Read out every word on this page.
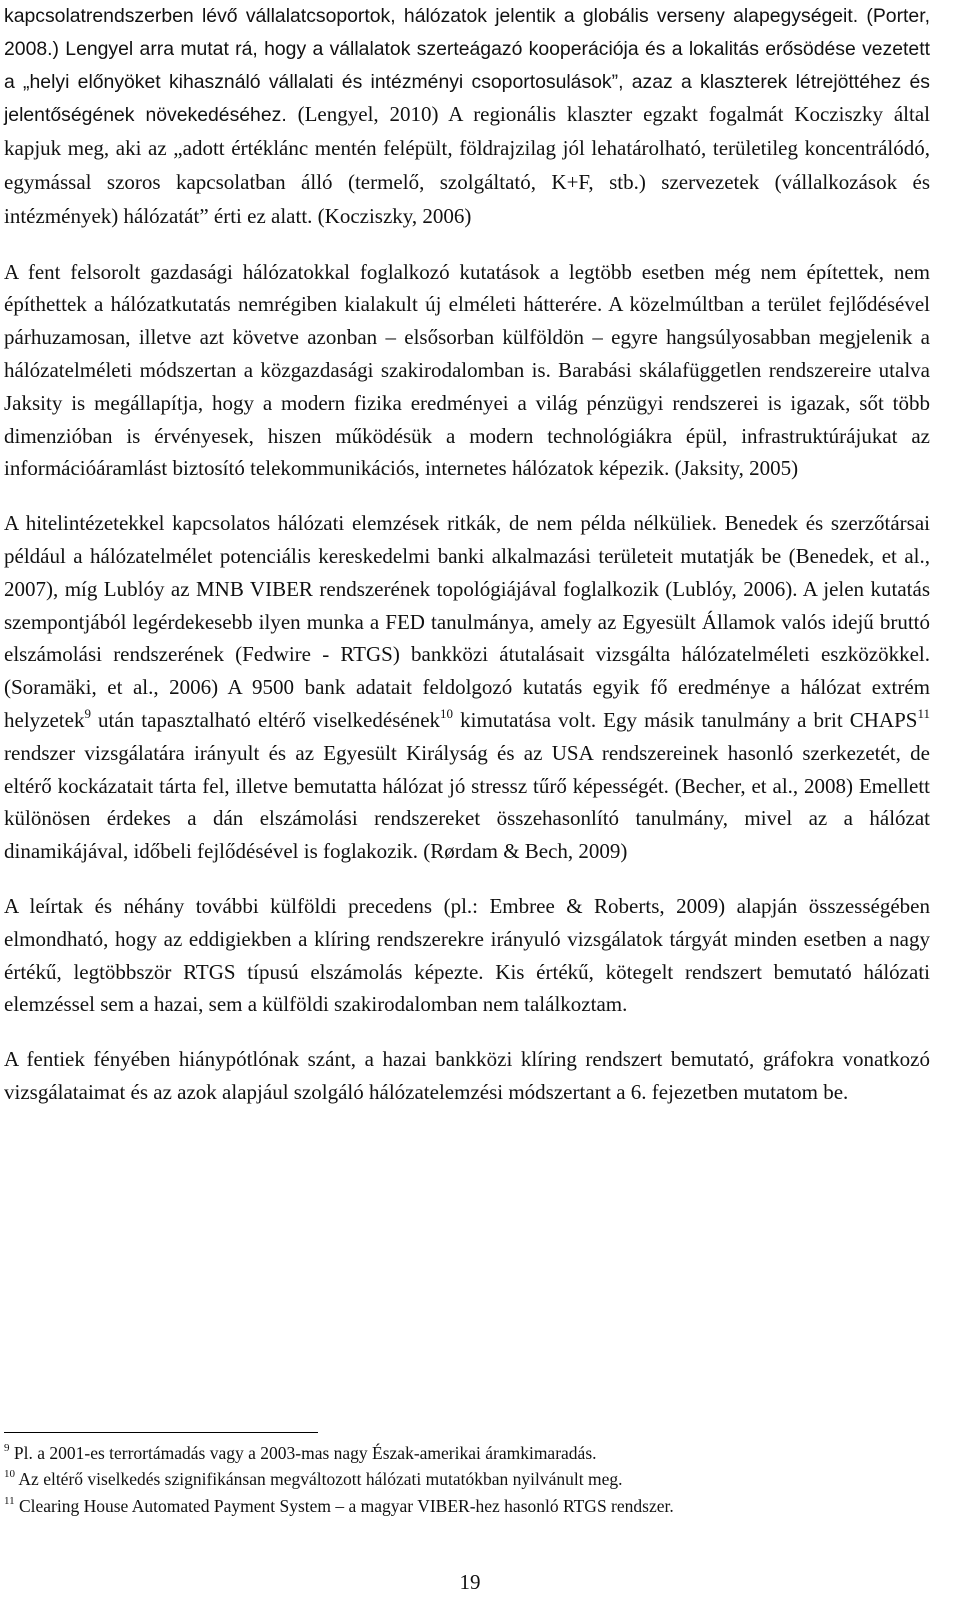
kapcsolatrendszerben lévő vállalatcsoportok, hálózatok jelentik a globális verseny alapegységeit. (Porter, 2008.) Lengyel arra mutat rá, hogy a vállalatok szerteágazó kooperációja és a lokalitás erősödése vezetett a „helyi előnyöket kihasználó vállalati és intézményi csoportosulások”, azaz a klaszterek létrejöttéhez és jelentőségének növekedéséhez. (Lengyel, 2010) A regionális klaszter egzakt fogalmát Kocziszky által kapjuk meg, aki az „adott értéklánc mentén felépült, földrajzilag jól lehatárolható, területileg koncentrálódó, egymással szoros kapcsolatban álló (termelő, szolgáltató, K+F, stb.) szervezetek (vállalkozások és intézmények) hálózatát” érti ez alatt. (Kocziszky, 2006)

A fent felsorolt gazdasági hálózatokkal foglalkozó kutatások a legtöbb esetben még nem építettek, nem építhettek a hálózatkutatás nemrégiben kialakult új elméleti hátterére. A közelmúltban a terület fejlődésével párhuzamosan, illetve azt követve azonban – elsősorban külföldön – egyre hangsúlyosabban megjelenik a hálózatelméleti módszertan a közgazdasági szakirodalomban is. Barabási skálafüggetlen rendszereire utalva Jaksity is megállapítja, hogy a modern fizika eredményei a világ pénzügyi rendszerei is igazak, sőt több dimenzióban is érvényesek, hiszen működésük a modern technológiákra épül, infrastruktúrájukat az információáramlást biztosító telekommunikációs, internetes hálózatok képezik. (Jaksity, 2005)

A hitelintézetekkel kapcsolatos hálózati elemzések ritkák, de nem példa nélküliek. Benedek és szerzőtársai például a hálózatelmélet potenciális kereskedelmi banki alkalmazási területeit mutatják be (Benedek, et al., 2007), míg Lublóy az MNB VIBER rendszerének topológiájával foglalkozik (Lublóy, 2006). A jelen kutatás szempontjából legérdekesebb ilyen munka a FED tanulmánya, amely az Egyesült Államok valós idejű bruttó elszámolási rendszerének (Fedwire - RTGS) bankközi átutalásait vizsgálta hálózatelméleti eszközökkel. (Soramäki, et al., 2006) A 9500 bank adatait feldolgozó kutatás egyik fő eredménye a hálózat extrém helyzetek$^9$ után tapasztalható eltérő viselkedésének$^{10}$ kimutatása volt. Egy másik tanulmány a brit CHAPS$^{11}$ rendszer vizsgálatára irányult és az Egyesült Királyság és az USA rendszereinek hasonló szerkezetét, de eltérő kockázatait tárta fel, illetve bemutatta hálózat jó stressz tűrő képességét. (Becher, et al., 2008) Emellett különösen érdekes a dán elszámolási rendszereket összehasonlító tanulmány, mivel az a hálózat dinamikájával, időbeli fejlődésével is foglakozik. (Rørdam & Bech, 2009)

A leírtak és néhány további külföldi precedens (pl.: Embree & Roberts, 2009) alapján összességében elmondható, hogy az eddigiekben a klíring rendszerekre irányuló vizsgálatok tárgyát minden esetben a nagy értékű, legtöbbször RTGS típusú elszámolás képezte. Kis értékű, kötegelt rendszert bemutató hálózati elemzéssel sem a hazai, sem a külföldi szakirodalomban nem találkoztam.

A fentiek fényében hiánypótlónak szánt, a hazai bankközi klíring rendszert bemutató, gráfokra vonatkozó vizsgálataimat és az azok alapjául szolgáló hálózatelemzési módszertant a 6. fejezetben mutatom be.

$^9$ Pl. a 2001-es terrortámadás vagy a 2003-mas nagy Észak-amerikai áramkimaradás.
$^{10}$ Az eltérő viselkedés szignifikánsan megváltozott hálózati mutatókban nyilvánult meg.
$^{11}$ Clearing House Automated Payment System – a magyar VIBER-hez hasonló RTGS rendszer.
19
